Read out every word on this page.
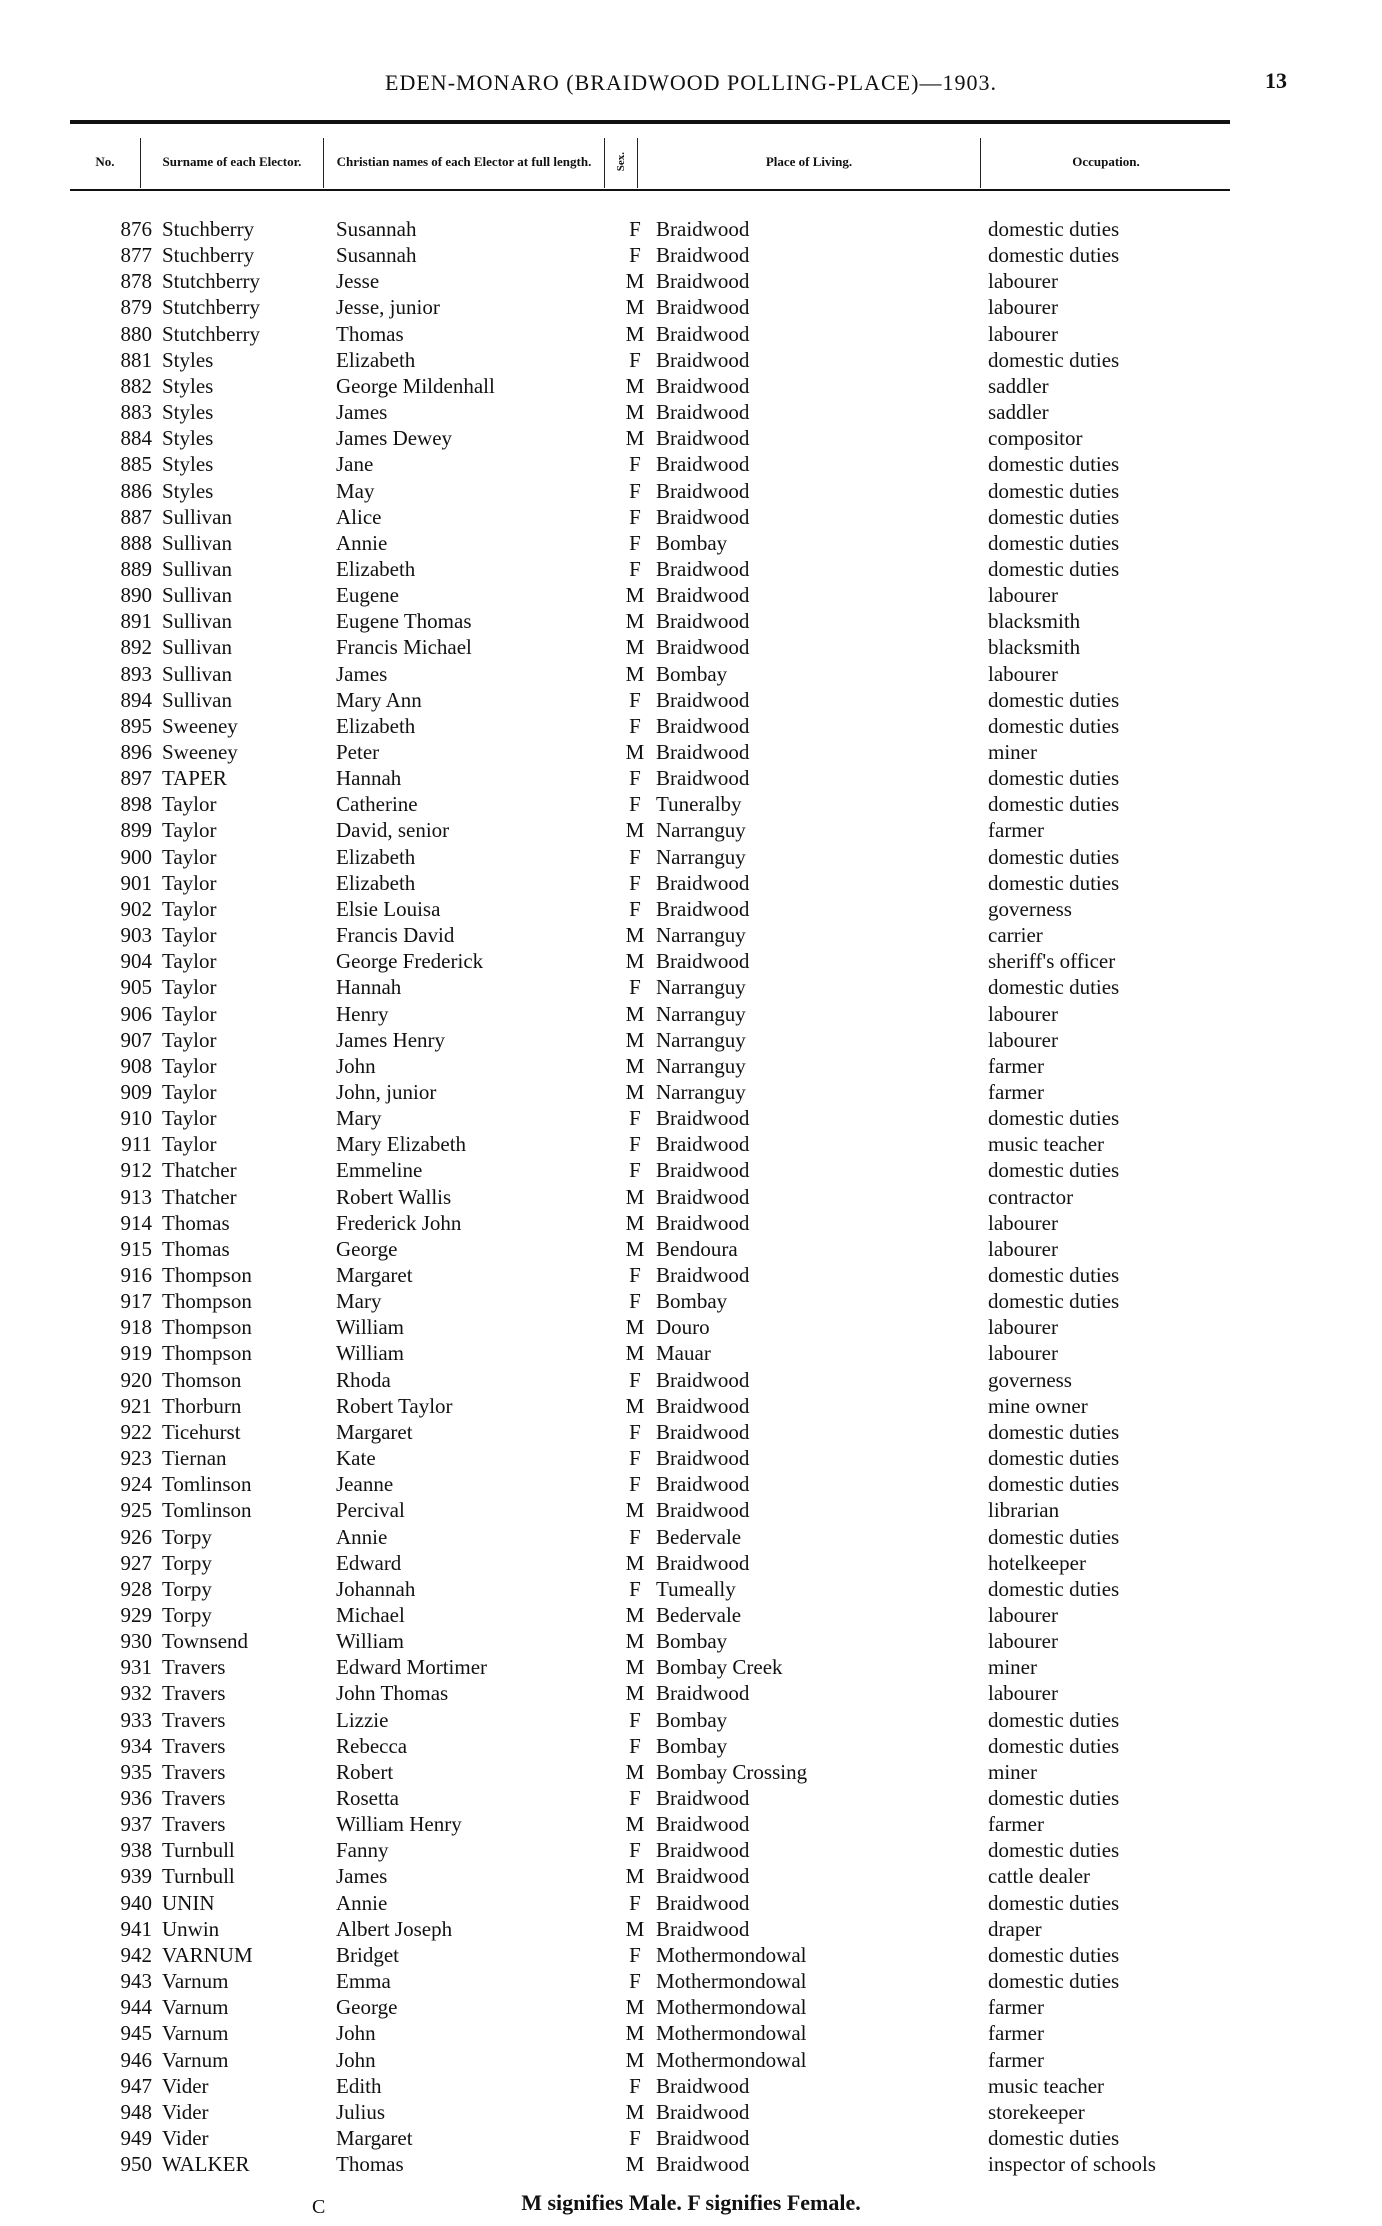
EDEN-MONARO (BRAIDWOOD POLLING-PLACE)—1903.	13
No.	Surname of each Elector.	Christian names of each Elector at full length.	Sex.	Place of Living.	Occupation.
876 Stuchberry	Susannah	F Braidwood	domestic duties
877 Stuchberry	Susannah	F Braidwood	domestic duties
878 Stutchberry	Jesse	M Braidwood	labourer
879 Stutchberry	Jesse, junior	M Braidwood	labourer
880 Stutchberry	Thomas	M Braidwood	labourer
881 Styles	Elizabeth	F Braidwood	domestic duties
882 Styles	George Mildenhall	M Braidwood	saddler
883 Styles	James	M Braidwood	saddler
884 Styles	James Dewey	M Braidwood	compositor
885 Styles	Jane	F Braidwood	domestic duties
886 Styles	May	F Braidwood	domestic duties
887 Sullivan	Alice	F Braidwood	domestic duties
888 Sullivan	Annie	F Bombay	domestic duties
889 Sullivan	Elizabeth	F Braidwood	domestic duties
890 Sullivan	Eugene	M Braidwood	labourer
891 Sullivan	Eugene Thomas	M Braidwood	blacksmith
892 Sullivan	Francis Michael	M Braidwood	blacksmith
893 Sullivan	James	M Bombay	labourer
894 Sullivan	Mary Ann	F Braidwood	domestic duties
895 Sweeney	Elizabeth	F Braidwood	domestic duties
896 Sweeney	Peter	M Braidwood	miner
897 TAPER	Hannah	F Braidwood	domestic duties
898 Taylor	Catherine	F Tuneralby	domestic duties
899 Taylor	David, senior	M Narranguy	farmer
900 Taylor	Elizabeth	F Narranguy	domestic duties
901 Taylor	Elizabeth	F Braidwood	domestic duties
902 Taylor	Elsie Louisa	F Braidwood	governess
903 Taylor	Francis David	M Narranguy	carrier
904 Taylor	George Frederick	M Braidwood	sheriff's officer
905 Taylor	Hannah	F Narranguy	domestic duties
906 Taylor	Henry	M Narranguy	labourer
907 Taylor	James Henry	M Narranguy	labourer
908 Taylor	John	M Narranguy	farmer
909 Taylor	John, junior	M Narranguy	farmer
910 Taylor	Mary	F Braidwood	domestic duties
911 Taylor	Mary Elizabeth	F Braidwood	music teacher
912 Thatcher	Emmeline	F Braidwood	domestic duties
913 Thatcher	Robert Wallis	M Braidwood	contractor
914 Thomas	Frederick John	M Braidwood	labourer
915 Thomas	George	M Bendoura	labourer
916 Thompson	Margaret	F Braidwood	domestic duties
917 Thompson	Mary	F Bombay	domestic duties
918 Thompson	William	M Douro	labourer
919 Thompson	William	M Mauar	labourer
920 Thomson	Rhoda	F Braidwood	governess
921 Thorburn	Robert Taylor	M Braidwood	mine owner
922 Ticehurst	Margaret	F Braidwood	domestic duties
923 Tiernan	Kate	F Braidwood	domestic duties
924 Tomlinson	Jeanne	F Braidwood	domestic duties
925 Tomlinson	Percival	M Braidwood	librarian
926 Torpy	Annie	F Bedervale	domestic duties
927 Torpy	Edward	M Braidwood	hotelkeeper
928 Torpy	Johannah	F Tumeally	domestic duties
929 Torpy	Michael	M Bedervale	labourer
930 Townsend	William	M Bombay	labourer
931 Travers	Edward Mortimer	M Bombay Creek	miner
932 Travers	John Thomas	M Braidwood	labourer
933 Travers	Lizzie	F Bombay	domestic duties
934 Travers	Rebecca	F Bombay	domestic duties
935 Travers	Robert	M Bombay Crossing	miner
936 Travers	Rosetta	F Braidwood	domestic duties
937 Travers	William Henry	M Braidwood	farmer
938 Turnbull	Fanny	F Braidwood	domestic duties
939 Turnbull	James	M Braidwood	cattle dealer
940 UNIN	Annie	F Braidwood	domestic duties
941 Unwin	Albert Joseph	M Braidwood	draper
942 VARNUM	Bridget	F Mothermondowal	domestic duties
943 Varnum	Emma	F Mothermondowal	domestic duties
944 Varnum	George	M Mothermondowal	farmer
945 Varnum	John	M Mothermondowal	farmer
946 Varnum	John	M Mothermondowal	farmer
947 Vider	Edith	F Braidwood	music teacher
948 Vider	Julius	M Braidwood	storekeeper
949 Vider	Margaret	F Braidwood	domestic duties
950 WALKER	Thomas	M Braidwood	inspector of schools
C	M signifies Male. F signifies Female.
